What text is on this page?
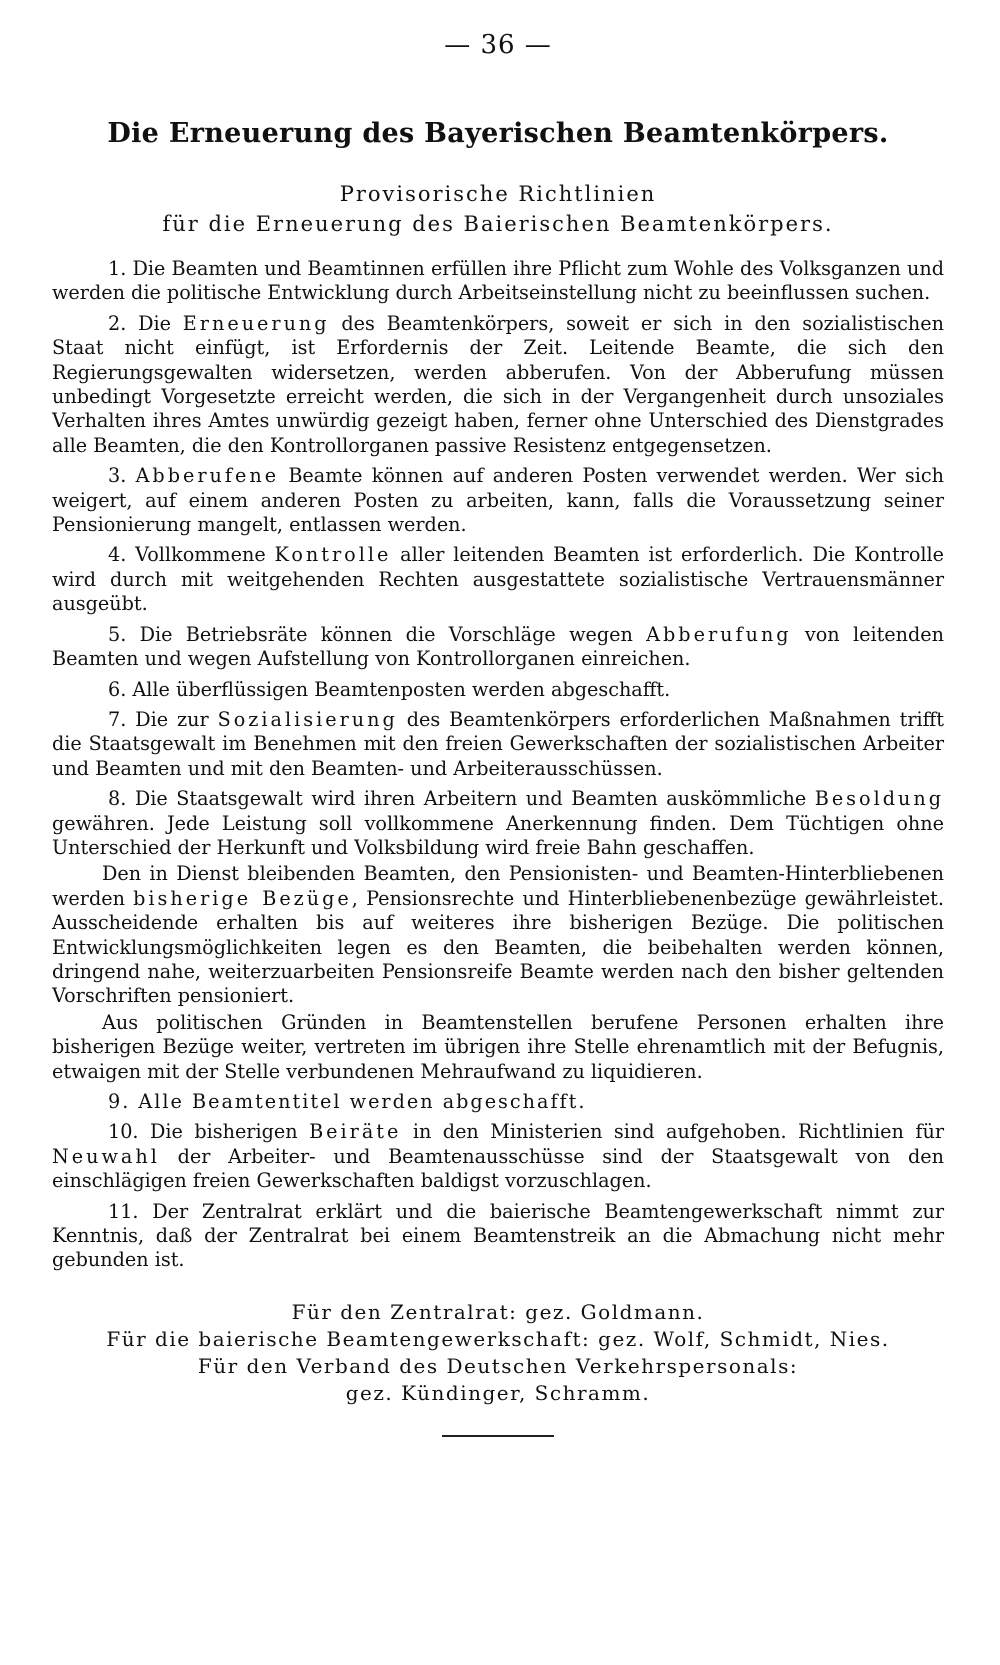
— 36 —
Die Erneuerung des Bayerischen Beamtenkörpers.
Provisorische Richtlinien
für die Erneuerung des Baierischen Beamtenkörpers.

1. Die Beamten und Beamtinnen erfüllen ihre Pflicht zum Wohle des Volksganzen und werden die politische Entwicklung durch Arbeitseinstellung nicht zu beeinflussen suchen.

2. Die Erneuerung des Beamtenkörpers, soweit er sich in den sozialistischen Staat nicht einfügt, ist Erfordernis der Zeit. Leitende Beamte, die sich den Regierungsgewalten widersetzen, werden abberufen. Von der Abberufung müssen unbedingt Vorgesetzte erreicht werden, die sich in der Vergangenheit durch unsoziales Verhalten ihres Amtes unwürdig gezeigt haben, ferner ohne Unterschied des Dienstgrades alle Beamten, die den Kontrollorganen passive Resistenz entgegensetzen.

3. Abberufene Beamte können auf anderen Posten verwendet werden. Wer sich weigert, auf einem anderen Posten zu arbeiten, kann, falls die Voraussetzung seiner Pensionierung mangelt, entlassen werden.

4. Vollkommene Kontrolle aller leitenden Beamten ist erforderlich. Die Kontrolle wird durch mit weitgehenden Rechten ausgestattete sozialistische Vertrauensmänner ausgeübt.

5. Die Betriebsräte können die Vorschläge wegen Abberufung von leitenden Beamten und wegen Aufstellung von Kontrollorganen einreichen.

6. Alle überflüssigen Beamtenposten werden abgeschafft.

7. Die zur Sozialisierung des Beamtenkörpers erforderlichen Maßnahmen trifft die Staatsgewalt im Benehmen mit den freien Gewerkschaften der sozialistischen Arbeiter und Beamten und mit den Beamten- und Arbeiterausschüssen.

8. Die Staatsgewalt wird ihren Arbeitern und Beamten auskömmliche Besoldung gewähren. Jede Leistung soll vollkommene Anerkennung finden. Dem Tüchtigen ohne Unterschied der Herkunft und Volksbildung wird freie Bahn geschaffen.

Den in Dienst bleibenden Beamten, den Pensionisten- und Beamten-Hinterbliebenen werden bisherige Bezüge, Pensionsrechte und Hinterbliebenenbezüge gewährleistet. Ausscheidende erhalten bis auf weiteres ihre bisherigen Bezüge. Die politischen Entwicklungsmöglichkeiten legen es den Beamten, die beibehalten werden können, dringend nahe, weiterzuarbeiten Pensionsreife Beamte werden nach den bisher geltenden Vorschriften pensioniert.

Aus politischen Gründen in Beamtenstellen berufene Personen erhalten ihre bisherigen Bezüge weiter, vertreten im übrigen ihre Stelle ehrenamtlich mit der Befugnis, etwaigen mit der Stelle verbundenen Mehraufwand zu liquidieren.

9. Alle Beamtentitel werden abgeschafft.

10. Die bisherigen Beiräte in den Ministerien sind aufgehoben. Richtlinien für Neuwahl der Arbeiter- und Beamtenausschüsse sind der Staatsgewalt von den einschlägigen freien Gewerkschaften baldigst vorzuschlagen.

11. Der Zentralrat erklärt und die baierische Beamtengewerkschaft nimmt zur Kenntnis, daß der Zentralrat bei einem Beamtenstreik an die Abmachung nicht mehr gebunden ist.

Für den Zentralrat: gez. Goldmann.
Für die baierische Beamtengewerkschaft: gez. Wolf, Schmidt, Nies.
Für den Verband des Deutschen Verkehrspersonals:
gez. Kündinger, Schramm.
